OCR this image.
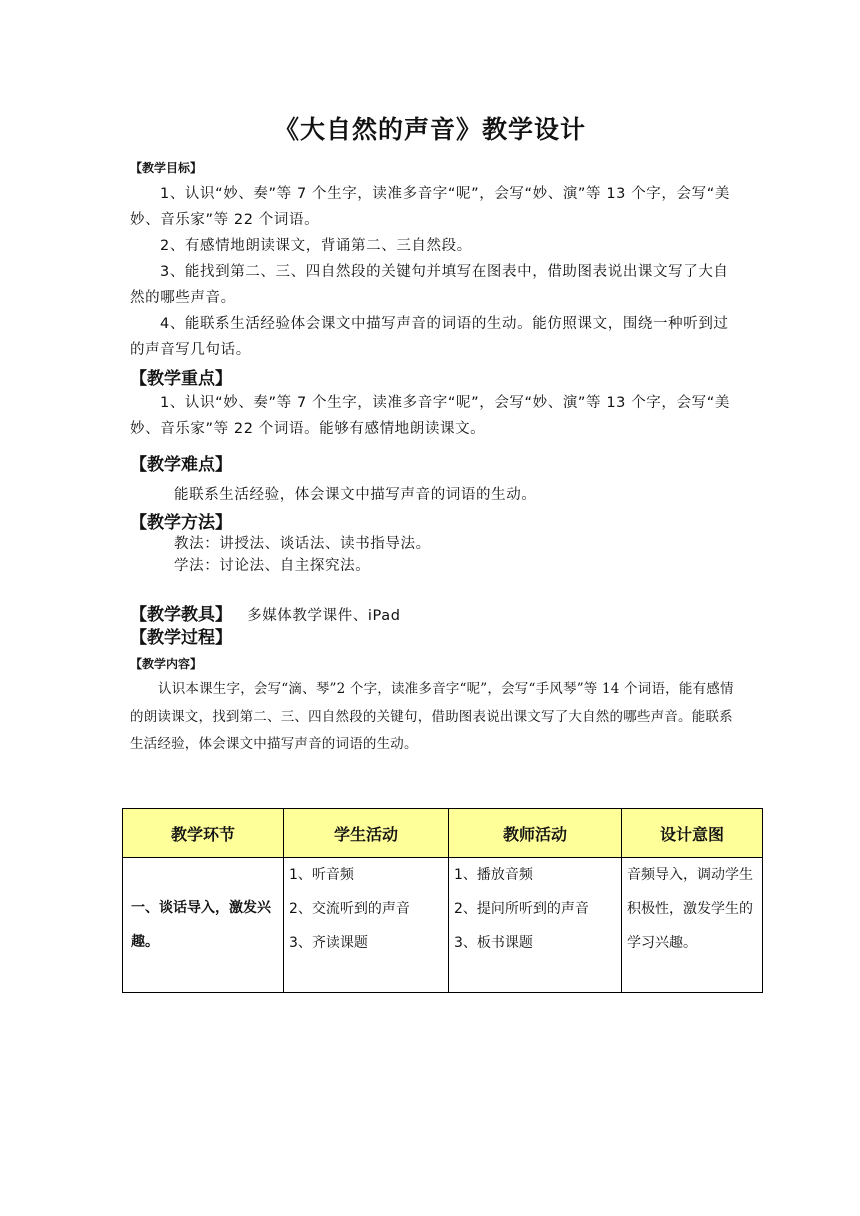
《大自然的声音》教学设计
【教学目标】
1、认识“妙、奏”等 7 个生字，读准多音字“呢”，会写“妙、演”等 13 个字，会写“美妙、音乐家”等 22 个词语。
2、有感情地朗读课文，背诵第二、三自然段。
3、能找到第二、三、四自然段的关键句并填写在图表中，借助图表说出课文写了大自然的哪些声音。
4、能联系生活经验体会课文中描写声音的词语的生动。能仿照课文，围绕一种听到过的声音写几句话。
【教学重点】
1、认识“妙、奏”等 7 个生字，读准多音字“呢”，会写“妙、演”等 13 个字，会写“美妙、音乐家”等 22 个词语。能够有感情地朗读课文。
【教学难点】
能联系生活经验，体会课文中描写声音的词语的生动。
【教学方法】
教法：讲授法、谈话法、读书指导法。
学法：讨论法、自主探究法。
【教学教具】 多媒体教学课件、iPad
【教学过程】
【教学内容】
认识本课生字，会写“滴、琴”2 个字，读准多音字“呢”，会写“手风琴”等 14 个词语，能有感情的朗读课文，找到第二、三、四自然段的关键句，借助图表说出课文写了大自然的哪些声音。能联系生活经验，体会课文中描写声音的词语的生动。
教学环节	学生活动	教师活动	设计意图
一、谈话导入，激发兴趣。	1、听音频
2、交流听到的声音
3、齐读课题	1、播放音频
2、提问所听到的声音
3、板书课题	音频导入，调动学生积极性，激发学生的学习兴趣。
